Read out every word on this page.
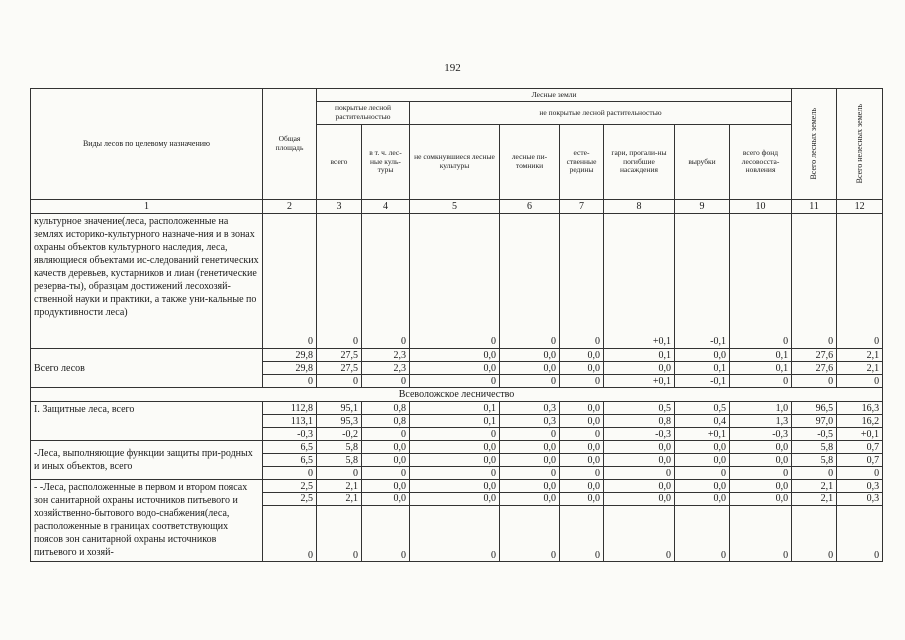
192
Виды лесов по целевому назначению	Общая площадь	Лесные земли								Всего лесных земель	Всего нелесных земель

		покрытые лесной растительностью		не покрытые лесной растительностью							
		всего	в т. ч. лес-ные куль-туры	не сомкнувшиеся лесные культуры	лесные пи-томники	есте-ственные редины	гари, прогали-ны погибшие насаждения	вырубки	всего фонд лесовосста-новления		
1	2	3	4	5	6	7	8	9	10	11	12
культурное значение(леса, расположенные на землях историко-культурного назначе-ния и в зонах охраны объектов культурного наследия, леса, являющиеся объектами ис-следований генетических качеств деревьев, кустарников и лиан (генетические резерва-ты), образцам достижений лесохозяй-ственной науки и практики, а также уни-кальные по продуктивности леса)	0	0	0	0	0	0	+0,1	-0,1	0	0	0
Всего лесов	29,8	27,5	2,3	0,0	0,0	0,0	0,1	0,0	0,1	27,6	2,1
	29,8	27,5	2,3	0,0	0,0	0,0	0,0	0,1	0,1	27,6	2,1
	0	0	0	0	0	0	+0,1	-0,1	0	0	0
Всеволожское лесничество											
I. Защитные леса, всего	112,8	95,1	0,8	0,1	0,3	0,0	0,5	0,5	1,0	96,5	16,3
	113,1	95,3	0,8	0,1	0,3	0,0	0,8	0,4	1,3	97,0	16,2
	-0,3	-0,2	0	0	0	0	-0,3	+0,1	-0,3	-0,5	+0,1
-Леса, выполняющие функции защиты при-родных и иных объектов, всего	6,5	5,8	0,0	0,0	0,0	0,0	0,0	0,0	0,0	5,8	0,7
	6,5	5,8	0,0	0,0	0,0	0,0	0,0	0,0	0,0	5,8	0,7
	0	0	0	0	0	0	0	0	0	0	0
- -Леса, расположенные в первом и втором поясах зон санитарной охраны источников питьевого и хозяйственно-бытового водо-снабжения(леса, расположенные в границах соответствующих поясов зон санитарной охраны источников питьевого и хозяй-	2,5	2,1	0,0	0,0	0,0	0,0	0,0	0,0	0,0	2,1	0,3
	2,5	2,1	0,0	0,0	0,0	0,0	0,0	0,0	0,0	2,1	0,3
	0	0	0	0	0	0	0	0	0	0	0
